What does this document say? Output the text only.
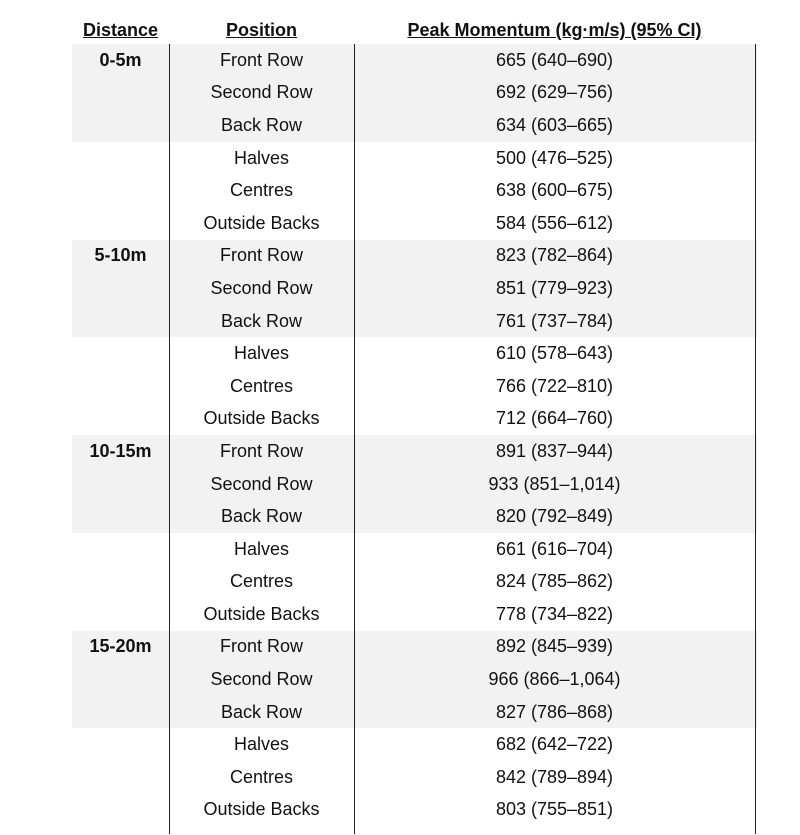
Distance	Position	Peak Momentum (kg·m/s) (95% CI)
0-5m	Front Row	665 (640–690)
Second Row	692 (629–756)
Back Row	634 (603–665)
Halves	500 (476–525)
Centres	638 (600–675)
Outside Backs	584 (556–612)
5-10m	Front Row	823 (782–864)
Second Row	851 (779–923)
Back Row	761 (737–784)
Halves	610 (578–643)
Centres	766 (722–810)
Outside Backs	712 (664–760)
10-15m	Front Row	891 (837–944)
Second Row	933 (851–1,014)
Back Row	820 (792–849)
Halves	661 (616–704)
Centres	824 (785–862)
Outside Backs	778 (734–822)
15-20m	Front Row	892 (845–939)
Second Row	966 (866–1,064)
Back Row	827 (786–868)
Halves	682 (642–722)
Centres	842 (789–894)
Outside Backs	803 (755–851)
